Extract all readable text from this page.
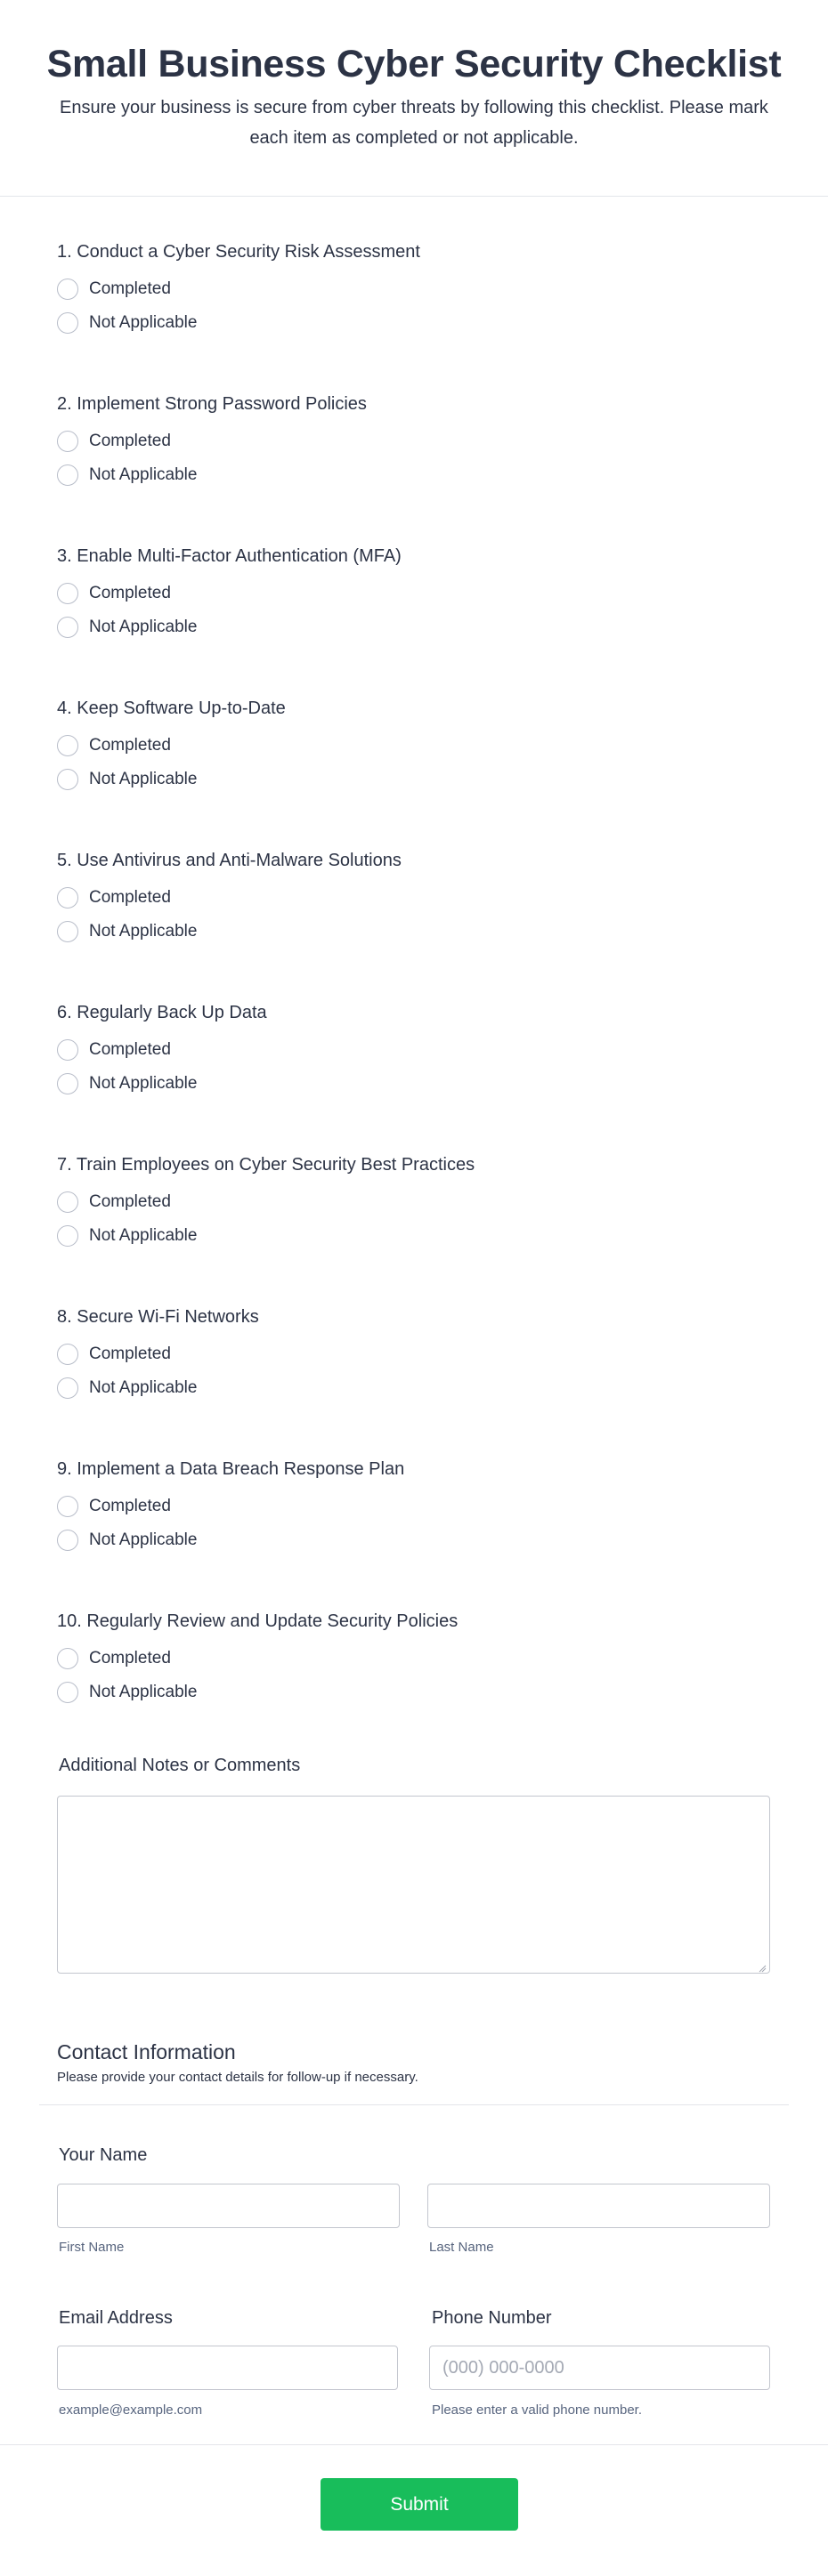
Small Business Cyber Security Checklist
Ensure your business is secure from cyber threats by following this checklist. Please mark each item as completed or not applicable.
1. Conduct a Cyber Security Risk Assessment
Completed
Not Applicable
2. Implement Strong Password Policies
Completed
Not Applicable
3. Enable Multi-Factor Authentication (MFA)
Completed
Not Applicable
4. Keep Software Up-to-Date
Completed
Not Applicable
5. Use Antivirus and Anti-Malware Solutions
Completed
Not Applicable
6. Regularly Back Up Data
Completed
Not Applicable
7. Train Employees on Cyber Security Best Practices
Completed
Not Applicable
8. Secure Wi-Fi Networks
Completed
Not Applicable
9. Implement a Data Breach Response Plan
Completed
Not Applicable
10. Regularly Review and Update Security Policies
Completed
Not Applicable
Additional Notes or Comments
Contact Information
Please provide your contact details for follow-up if necessary.
Your Name
First Name	Last Name
Email Address
example@example.com
Phone Number
(000) 000-0000
Please enter a valid phone number.
Submit
